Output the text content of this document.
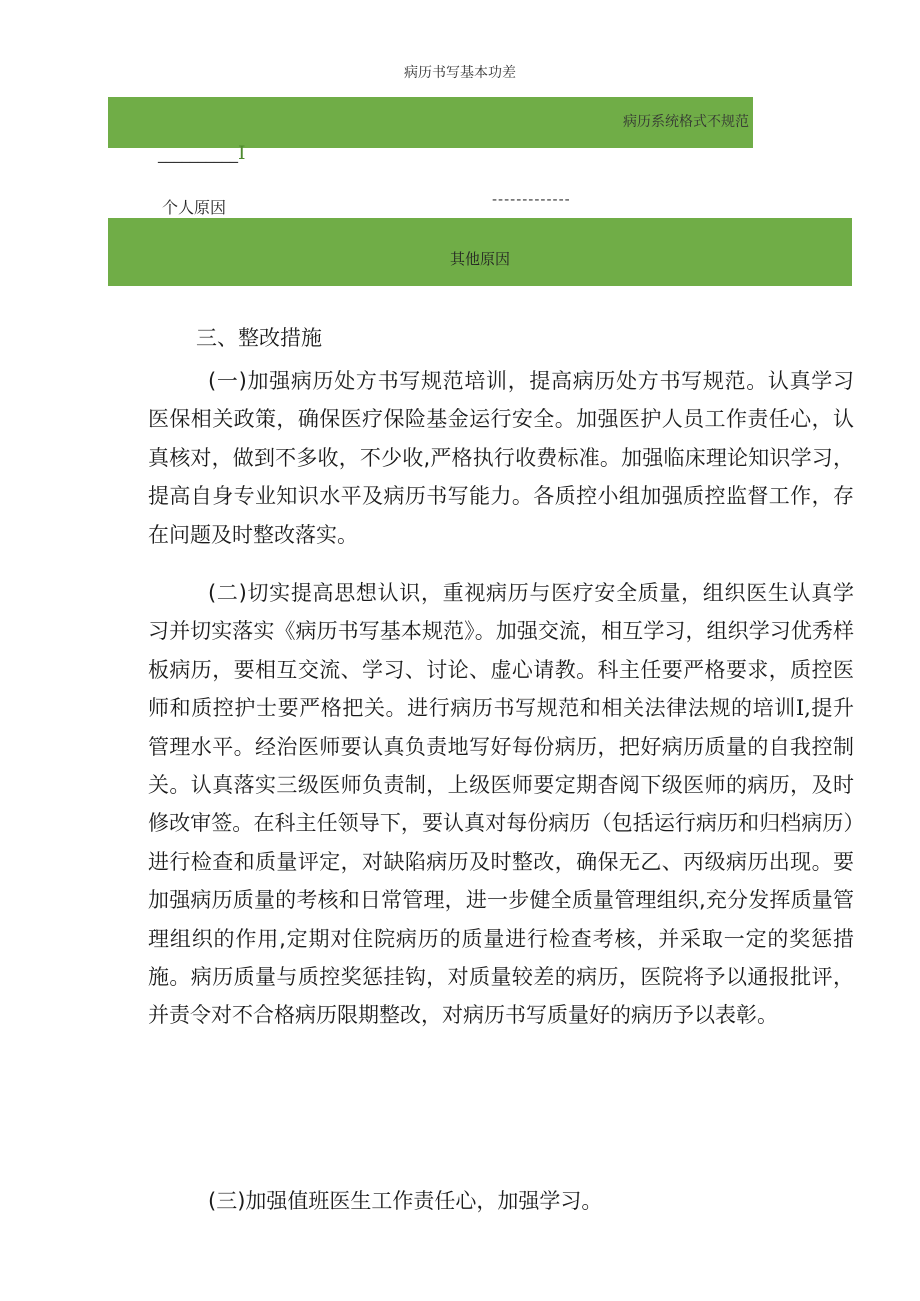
病历书写基本功差
病历系统格式不规范
__________I
个人原因	-------------
其他原因
三、整改措施

(一)加强病历处方书写规范培训，提高病历处方书写规范。认真学习医保相关政策，确保医疗保险基金运行安全。加强医护人员工作责任心，认真核对，做到不多收，不少收,严格执行收费标准。加强临床理论知识学习，提高自身专业知识水平及病历书写能力。各质控小组加强质控监督工作，存在问题及时整改落实。

(二)切实提高思想认识，重视病历与医疗安全质量，组织医生认真学习并切实落实《病历书写基本规范》。加强交流，相互学习，组织学习优秀样板病历，要相互交流、学习、讨论、虚心请教。科主任要严格要求，质控医师和质控护士要严格把关。进行病历书写规范和相关法律法规的培训I,提升管理水平。经治医师要认真负责地写好每份病历，把好病历质量的自我控制关。认真落实三级医师负责制，上级医师要定期杳阅下级医师的病历，及时修改审签。在科主任领导下，要认真对每份病历（包括运行病历和归档病历）进行检查和质量评定，对缺陷病历及时整改，确保无乙、丙级病历出现。要加强病历质量的考核和日常管理，进一步健全质量管理组织,充分发挥质量管理组织的作用,定期对住院病历的质量进行检查考核，并采取一定的奖惩措施。病历质量与质控奖惩挂钩，对质量较差的病历，医院将予以通报批评，并责令对不合格病历限期整改，对病历书写质量好的病历予以表彰。

(三)加强值班医生工作责任心，加强学习。
